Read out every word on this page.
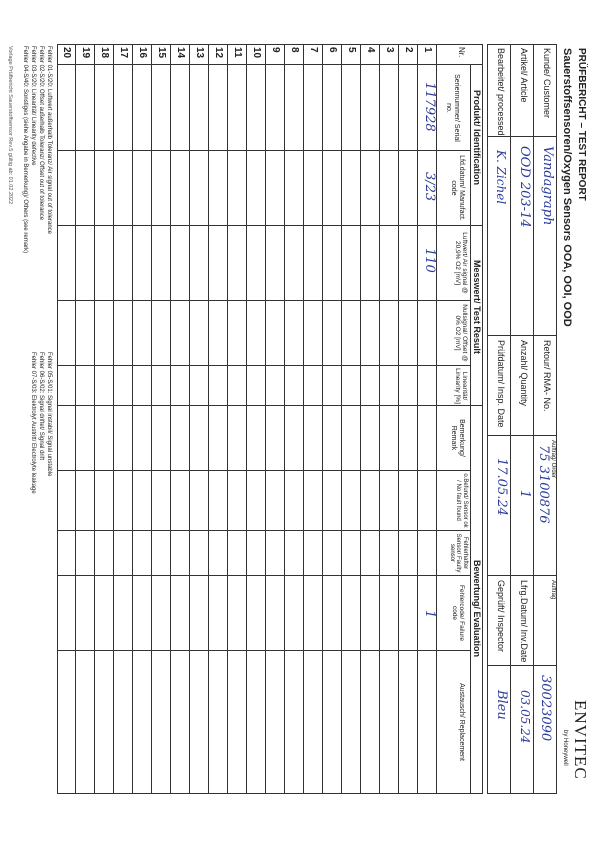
PRÜFBERICHT – TEST REPORT
Sauerstoffsensoren/Oxygen Sensors OOA, OOI, OOD
ENVITEC
by Honeywell
Kunde/ Customer
Vandagraph
Artikel/ Article
OOD 203-14
Bearbeitet/ processed
K. Zichel
Retour/ RMA- No.
Auftrag/ Order
75 3100876
Anzahl/ Quantity
1
Prüfdatum/ Insp. Date
17.05.24
Auftrag
30023090
Lfrg.Datum/ Inv.Date
03.05.24
Geprüft/ Inspector
Bleu
Nr.
Produkt/ Identification
Seriennummer/ Serial no.
Lfd.datum/ Manufact. code
Messwert/ Test Result
Luftwert/ Air signal @ 20,9% O2 [mV]
Nullsignal/ Offset @ 0% O2 [mV]
Linearität/ Linearity [%]
Bemerkung/ Remark
Bewertung/ Evaluation
o.Befund/ Sensor ok / No fault found
Fehlerhafter Sensor/ Faulty sensor
Fehlercode/ Failure code
Austausch/ Replacement
1
2
3
4
5
6
7
8
9
10
11
12
13
14
15
16
17
18
19
20
117928
3/23
110
1
Fehler 01-S/20: Luftwert außerhalb Toleranz/ Air signal out of tolerance
Fehler 02-S/20: Offset außerhalb Toleranz/ Offset out of tolerance
Fehler 03-S/20: Linearität/ Linearity defective
Fehler 04-S/40: Sonstiges (siehe Angabe in Bemerkung)/ Others (see remark)
Fehler 05-S/01: Signal instabil/ Signal unstable
Fehler 06-S/02: Signal driftet/ Signal drift
Fehler 07-S/03: Elektrolyt Austritt/ Electrolyte leakage
Vorlage Prüfbericht Sauerstoffsensor Rev.5 gültig ab: 01.02.2022
